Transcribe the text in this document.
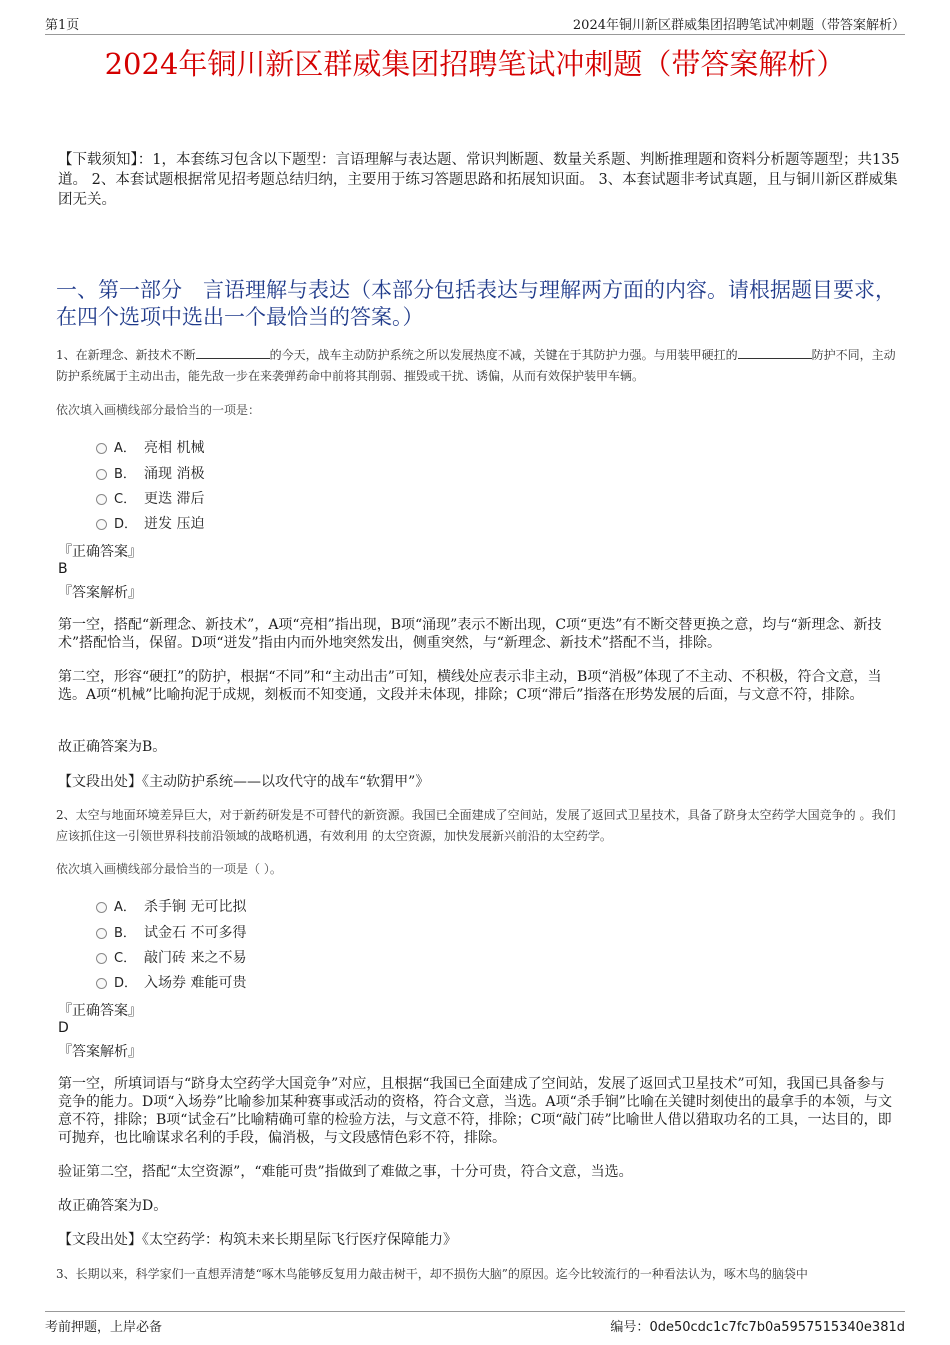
第1页	2024年铜川新区群威集团招聘笔试冲刺题（带答案解析）
2024年铜川新区群威集团招聘笔试冲刺题（带答案解析）
【下载须知】：1，本套练习包含以下题型：言语理解与表达题、常识判断题、数量关系题、判断推理题和资料分析题等题型；共135道。 2、本套试题根据常见招考题总结归纳，主要用于练习答题思路和拓展知识面。 3、本套试题非考试真题，且与铜川新区群威集团无关。
一、第一部分　言语理解与表达（本部分包括表达与理解两方面的内容。请根据题目要求，在四个选项中选出一个最恰当的答案。）
1、在新理念、新技术不断	的今天，战车主动防护系统之所以发展热度不减，关键在于其防护力强。与用装甲硬扛的	防护不同，主动防护系统属于主动出击，能先敌一步在来袭弹药命中前将其削弱、摧毁或干扰、诱偏，从而有效保护装甲车辆。
依次填入画横线部分最恰当的一项是：
A． 亮相 机械
B． 涌现 消极
C． 更迭 滞后
D． 迸发 压迫
『正确答案』
B
『答案解析』
第一空，搭配“新理念、新技术”，A项“亮相”指出现，B项“涌现”表示不断出现，C项“更迭”有不断交替更换之意，均与“新理念、新技术”搭配恰当，保留。D项“迸发”指由内而外地突然发出，侧重突然，与“新理念、新技术”搭配不当，排除。
第二空，形容“硬扛”的防护，根据“不同”和“主动出击”可知，横线处应表示非主动，B项“消极”体现了不主动、不积极，符合文意，当选。A项“机械”比喻拘泥于成规，刻板而不知变通，文段并未体现，排除；C项“滞后”指落在形势发展的后面，与文意不符，排除。
故正确答案为B。
【文段出处】《主动防护系统——以攻代守的战车“软猬甲”》
2、太空与地面环境差异巨大，对于新药研发是不可替代的新资源。我国已全面建成了空间站，发展了返回式卫星技术，具备了跻身太空药学大国竞争的 。我们应该抓住这一引领世界科技前沿领域的战略机遇，有效利用 的太空资源，加快发展新兴前沿的太空药学。
依次填入画横线部分最恰当的一项是（ ）。
A． 杀手锏 无可比拟
B． 试金石 不可多得
C． 敲门砖 来之不易
D． 入场券 难能可贵
『正确答案』
D
『答案解析』
第一空，所填词语与“跻身太空药学大国竞争”对应，且根据“我国已全面建成了空间站，发展了返回式卫星技术”可知，我国已具备参与竞争的能力。D项“入场券”比喻参加某种赛事或活动的资格，符合文意，当选。A项“杀手锏”比喻在关键时刻使出的最拿手的本领，与文意不符，排除；B项“试金石”比喻精确可靠的检验方法，与文意不符，排除；C项“敲门砖”比喻世人借以猎取功名的工具，一达目的，即可抛弃，也比喻谋求名利的手段，偏消极，与文段感情色彩不符，排除。
验证第二空，搭配“太空资源”，“难能可贵”指做到了难做之事，十分可贵，符合文意，当选。
故正确答案为D。
【文段出处】《太空药学：构筑未来长期星际飞行医疗保障能力》
3、长期以来，科学家们一直想弄清楚“啄木鸟能够反复用力敲击树干，却不损伤大脑”的原因。迄今比较流行的一种看法认为，啄木鸟的脑袋中
考前押题，上岸必备	编号：0de50cdc1c7fc7b0a5957515340e381d
